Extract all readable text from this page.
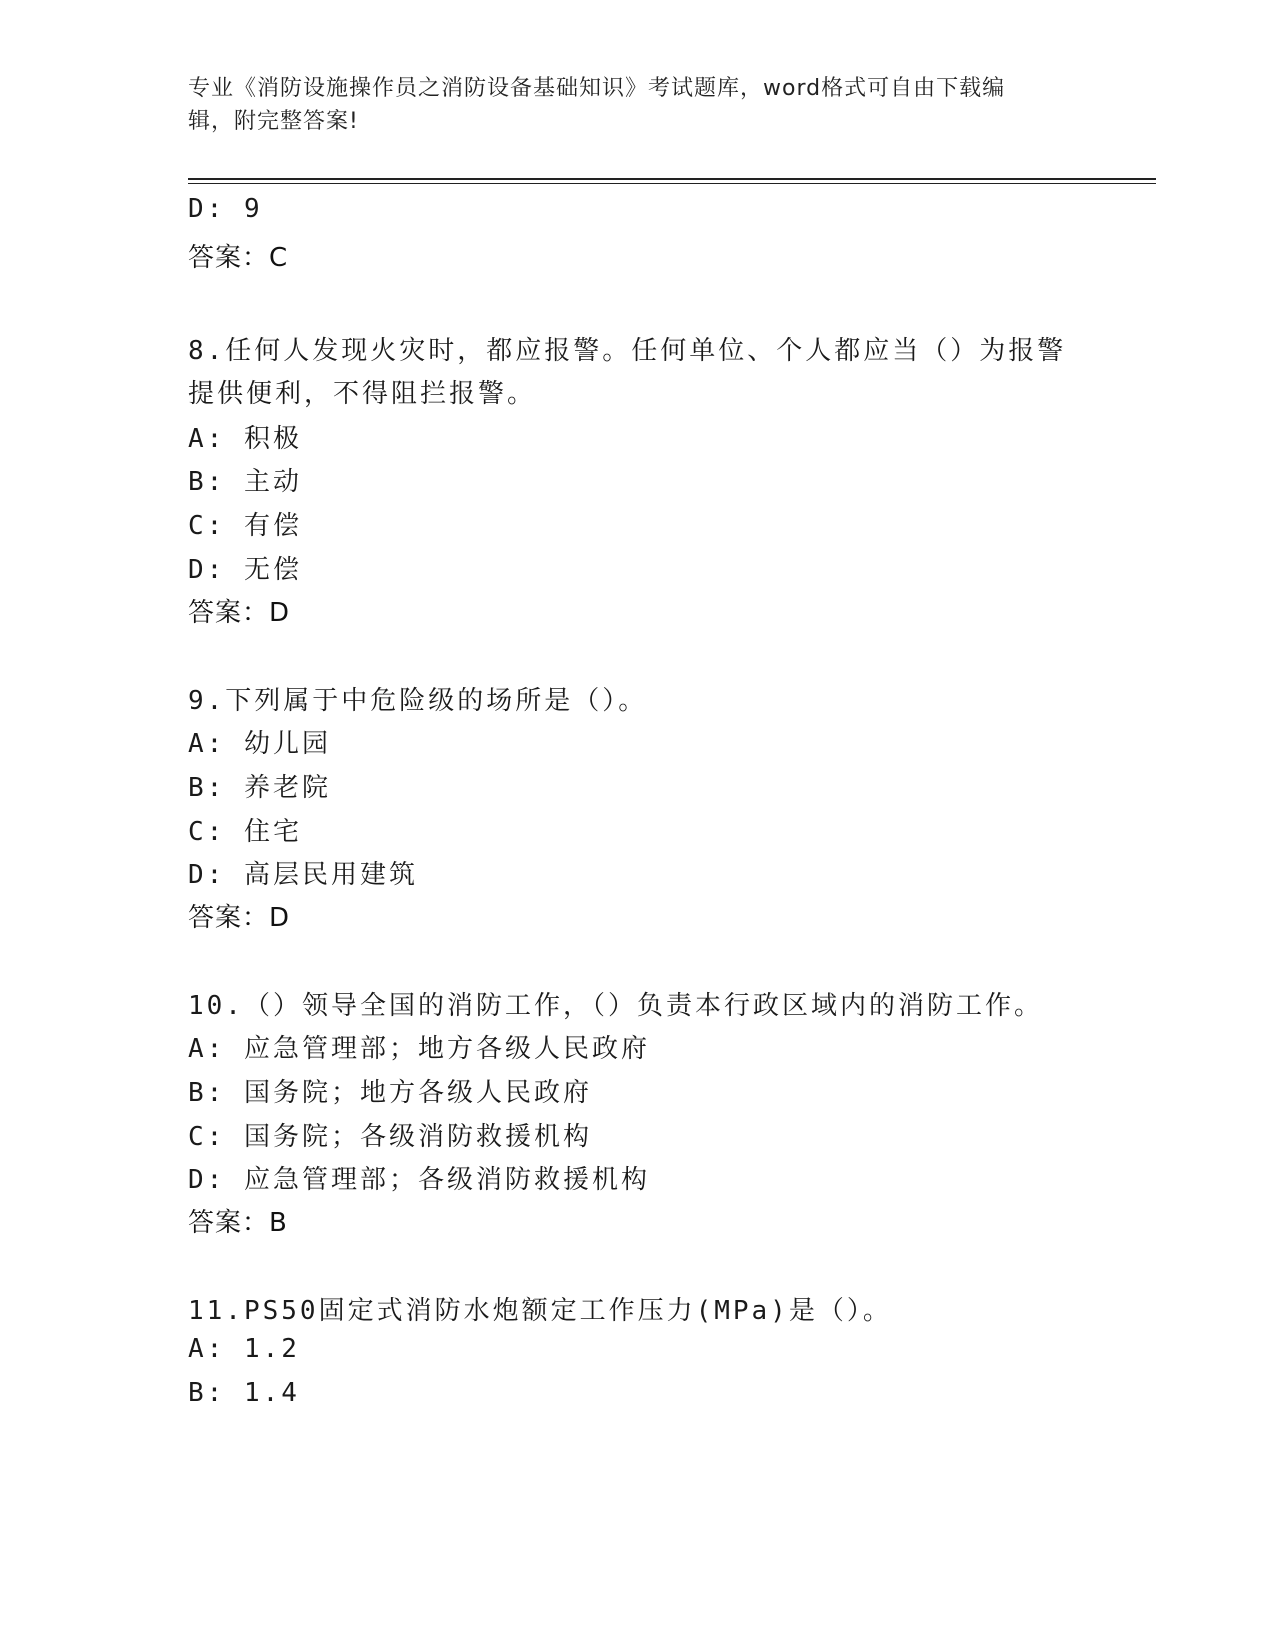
专业《消防设施操作员之消防设备基础知识》考试题库，word格式可自由下载编
辑，附完整答案!
D: 9
答案：C
8.任何人发现火灾时，都应报警。任何单位、个人都应当（）为报警
提供便利，不得阻拦报警。
A: 积极
B: 主动
C: 有偿
D: 无偿
答案：D
9.下列属于中危险级的场所是（）。
A: 幼儿园
B: 养老院
C: 住宅
D: 高层民用建筑
答案：D
10.（）领导全国的消防工作，（）负责本行政区域内的消防工作。
A: 应急管理部；地方各级人民政府
B: 国务院；地方各级人民政府
C: 国务院；各级消防救援机构
D: 应急管理部；各级消防救援机构
答案：B
11.PS50固定式消防水炮额定工作压力(MPa)是（）。
A: 1.2
B: 1.4
